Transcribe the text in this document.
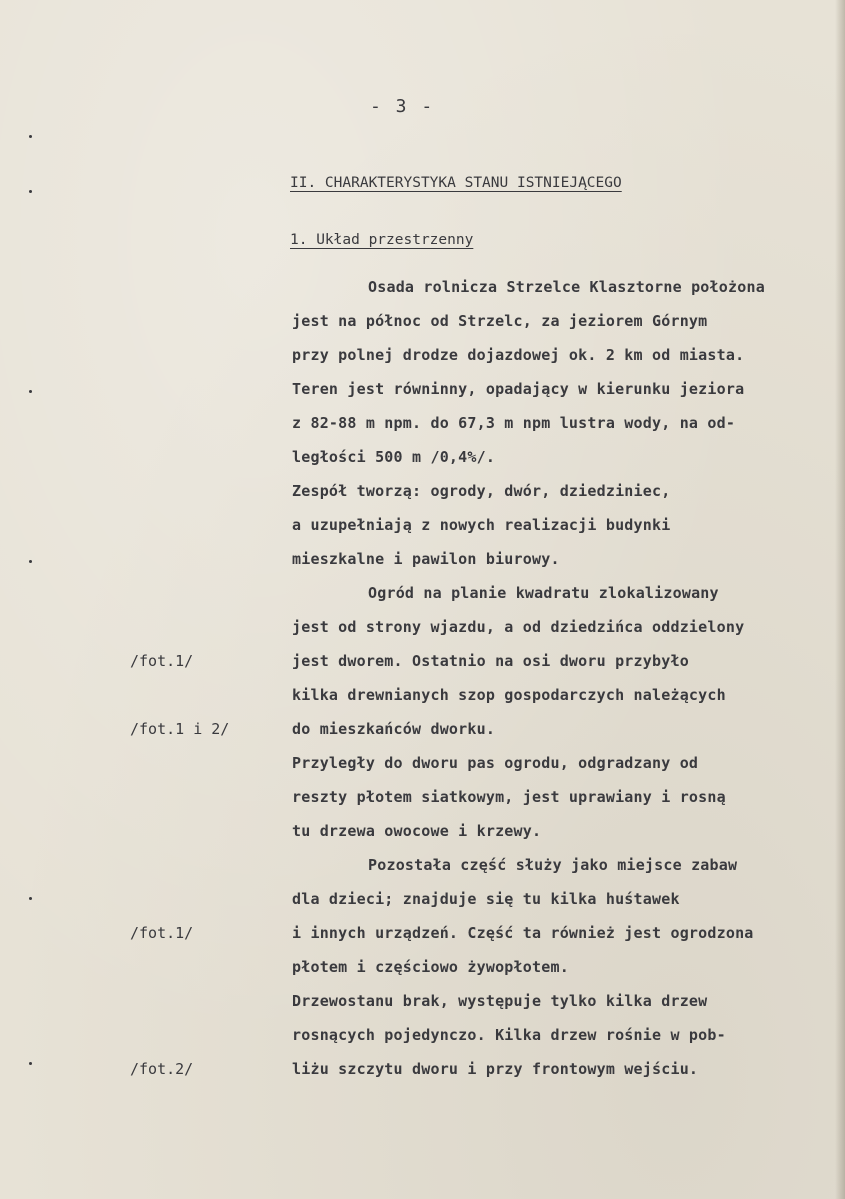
- 3 -
II. CHARAKTERYSTYKA STANU ISTNIEJĄCEGO
1. Układ przestrzenny
Osada rolnicza Strzelce Klasztorne położona
jest na północ od Strzelc, za jeziorem Górnym
przy polnej drodze dojazdowej ok. 2 km od miasta.
Teren jest równinny, opadający w kierunku jeziora
z 82-88 m npm. do 67,3 m npm lustra wody, na od-
ległości 500 m /0,4%/.
Zespół tworzą: ogrody, dwór, dziedziniec,
a uzupełniają z nowych realizacji budynki
mieszkalne i pawilon biurowy.
Ogród na planie kwadratu zlokalizowany
jest od strony wjazdu, a od dziedzińca oddzielony
jest dworem. Ostatnio na osi dworu przybyło
kilka drewnianych szop gospodarczych należących
do mieszkańców dworku.
Przyległy do dworu pas ogrodu, odgradzany od
reszty płotem siatkowym, jest uprawiany i rosną
tu drzewa owocowe i krzewy.
Pozostała część służy jako miejsce zabaw
dla dzieci; znajduje się tu kilka huśtawek
i innych urządzeń. Część ta również jest ogrodzona
płotem i częściowo żywopłotem.
Drzewostanu brak, występuje tylko kilka drzew
rosnących pojedynczo. Kilka drzew rośnie w pob-
liżu szczytu dworu i przy frontowym wejściu.
/fot.1/
/fot.1 i 2/
/fot.1/
/fot.2/
